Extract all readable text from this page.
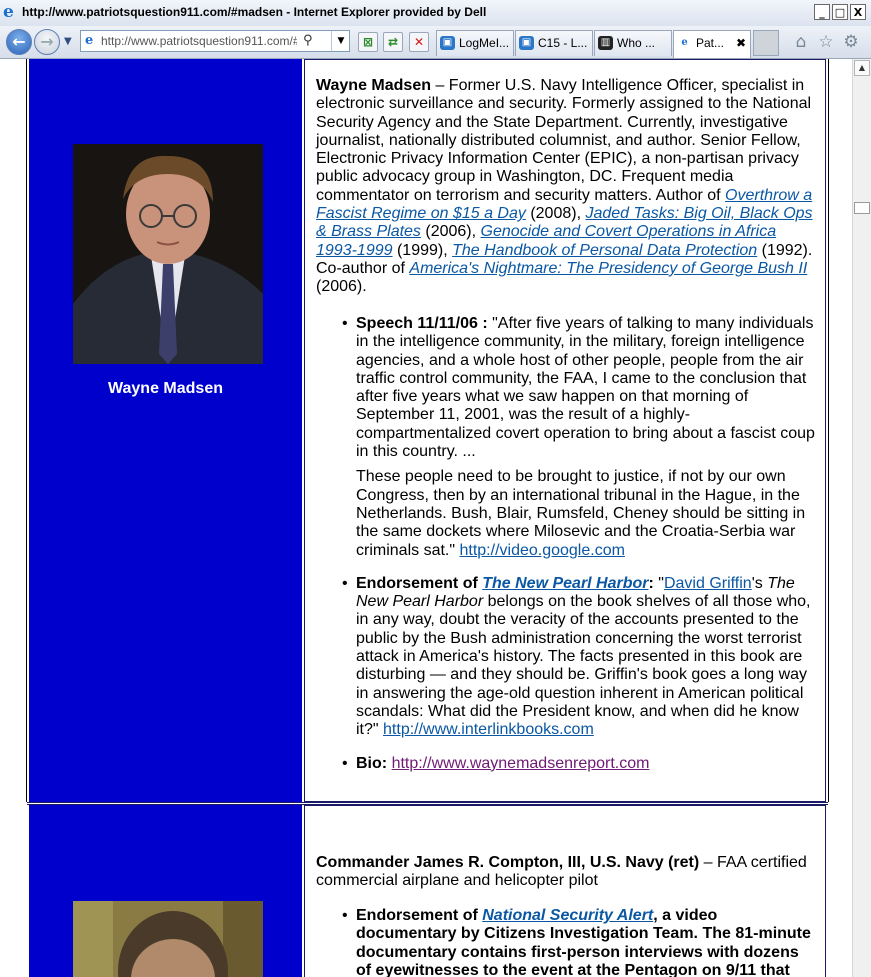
e http://www.patriotsquestion911.com/#madsen - Internet Explorer provided by Dell	_ □ X
← →	▼ e
http://www.patriotsquestion911.com/#mad	⚲	▼	⊠	⇄	✕	▣ LogMeI...	▣ C15 - L...	▥ Who ...	e Pat... ✖	⌂ ☆ ⚙
Wayne Madsen
Wayne Madsen – Former U.S. Navy Intelligence Officer, specialist in electronic surveillance and security. Formerly assigned to the National Security Agency and the State Department. Currently, investigative journalist, nationally distributed columnist, and author. Senior Fellow, Electronic Privacy Information Center (EPIC), a non-partisan privacy public advocacy group in Washington, DC. Frequent media commentator on terrorism and security matters. Author of Overthrow a Fascist Regime on $15 a Day (2008), Jaded Tasks: Big Oil, Black Ops & Brass Plates (2006), Genocide and Covert Operations in Africa 1993-1999 (1999), The Handbook of Personal Data Protection (1992). Co-author of America's Nightmare: The Presidency of George Bush II (2006).
• Speech 11/11/06 : "After five years of talking to many individuals in the intelligence community, in the military, foreign intelligence agencies, and a whole host of other people, people from the air traffic control community, the FAA, I came to the conclusion that after five years what we saw happen on that morning of September 11, 2001, was the result of a highly-compartmentalized covert operation to bring about a fascist coup in this country. ...

These people need to be brought to justice, if not by our own Congress, then by an international tribunal in the Hague, in the Netherlands. Bush, Blair, Rumsfeld, Cheney should be sitting in the same dockets where Milosevic and the Croatia-Serbia war criminals sat." http://video.google.com

• Endorsement of The New Pearl Harbor: "David Griffin's The New Pearl Harbor belongs on the book shelves of all those who, in any way, doubt the veracity of the accounts presented to the public by the Bush administration concerning the worst terrorist attack in America's history. The facts presented in this book are disturbing — and they should be. Griffin's book goes a long way in answering the age-old question inherent in American political scandals: What did the President know, and when did he know it?" http://www.interlinkbooks.com

• Bio: http://www.waynemadsenreport.com

Commander James R. Compton, III, U.S. Navy (ret) – FAA certified commercial airplane and helicopter pilot
• Endorsement of National Security Alert, a video documentary by Citizens Investigation Team. The 81-minute documentary contains first-person interviews with dozens of eyewitnesses to the event at the Pentagon on 9/11 that

▲
